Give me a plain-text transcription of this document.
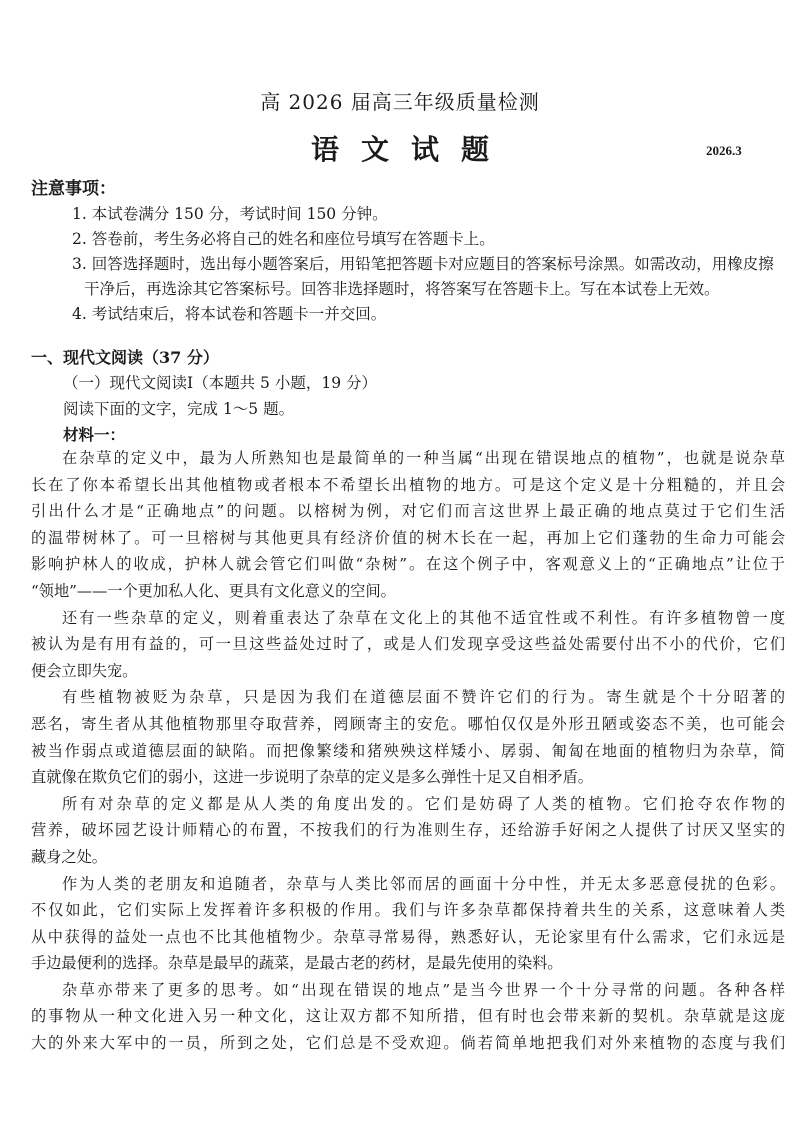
高 2026 届高三年级质量检测
语文试题	2026.3
注意事项：
1. 本试卷满分 150 分，考试时间 150 分钟。
2. 答卷前，考生务必将自己的姓名和座位号填写在答题卡上。
3. 回答选择题时，选出每小题答案后，用铅笔把答题卡对应题目的答案标号涂黑。如需改动，用橡皮擦
干净后，再选涂其它答案标号。回答非选择题时，将答案写在答题卡上。写在本试卷上无效。
4. 考试结束后，将本试卷和答题卡一并交回。
一、现代文阅读（37 分）
（一）现代文阅读Ⅰ（本题共 5 小题，19 分）
阅读下面的文字，完成 1～5 题。
材料一：
在杂草的定义中，最为人所熟知也是最简单的一种当属“出现在错误地点的植物”，也就是说杂草
长在了你本希望长出其他植物或者根本不希望长出植物的地方。可是这个定义是十分粗糙的，并且会
引出什么才是“正确地点”的问题。以榕树为例，对它们而言这世界上最正确的地点莫过于它们生活
的温带树林了。可一旦榕树与其他更具有经济价值的树木长在一起，再加上它们蓬勃的生命力可能会
影响护林人的收成，护林人就会管它们叫做“杂树”。在这个例子中，客观意义上的“正确地点”让位于
“领地”——一个更加私人化、更具有文化意义的空间。
还有一些杂草的定义，则着重表达了杂草在文化上的其他不适宜性或不利性。有许多植物曾一度
被认为是有用有益的，可一旦这些益处过时了，或是人们发现享受这些益处需要付出不小的代价，它们
便会立即失宠。
有些植物被贬为杂草，只是因为我们在道德层面不赞许它们的行为。寄生就是个十分昭著的
恶名，寄生者从其他植物那里夺取营养，罔顾寄主的安危。哪怕仅仅是外形丑陋或姿态不美，也可能会
被当作弱点或道德层面的缺陷。而把像繁缕和猪殃殃这样矮小、孱弱、匍匐在地面的植物归为杂草，简
直就像在欺负它们的弱小，这进一步说明了杂草的定义是多么弹性十足又自相矛盾。
所有对杂草的定义都是从人类的角度出发的。它们是妨碍了人类的植物。它们抢夺农作物的
营养，破坏园艺设计师精心的布置，不按我们的行为准则生存，还给游手好闲之人提供了讨厌又坚实的
藏身之处。
作为人类的老朋友和追随者，杂草与人类比邻而居的画面十分中性，并无太多恶意侵扰的色彩。
不仅如此，它们实际上发挥着许多积极的作用。我们与许多杂草都保持着共生的关系，这意味着人类
从中获得的益处一点也不比其他植物少。杂草寻常易得，熟悉好认，无论家里有什么需求，它们永远是
手边最便利的选择。杂草是最早的蔬菜，是最古老的药材，是最先使用的染料。
杂草亦带来了更多的思考。如“出现在错误的地点”是当今世界一个十分寻常的问题。各种各样
的事物从一种文化进入另一种文化，这让双方都不知所措，但有时也会带来新的契机。杂草就是这庞
大的外来大军中的一员，所到之处，它们总是不受欢迎。倘若简单地把我们对外来植物的态度与我们
